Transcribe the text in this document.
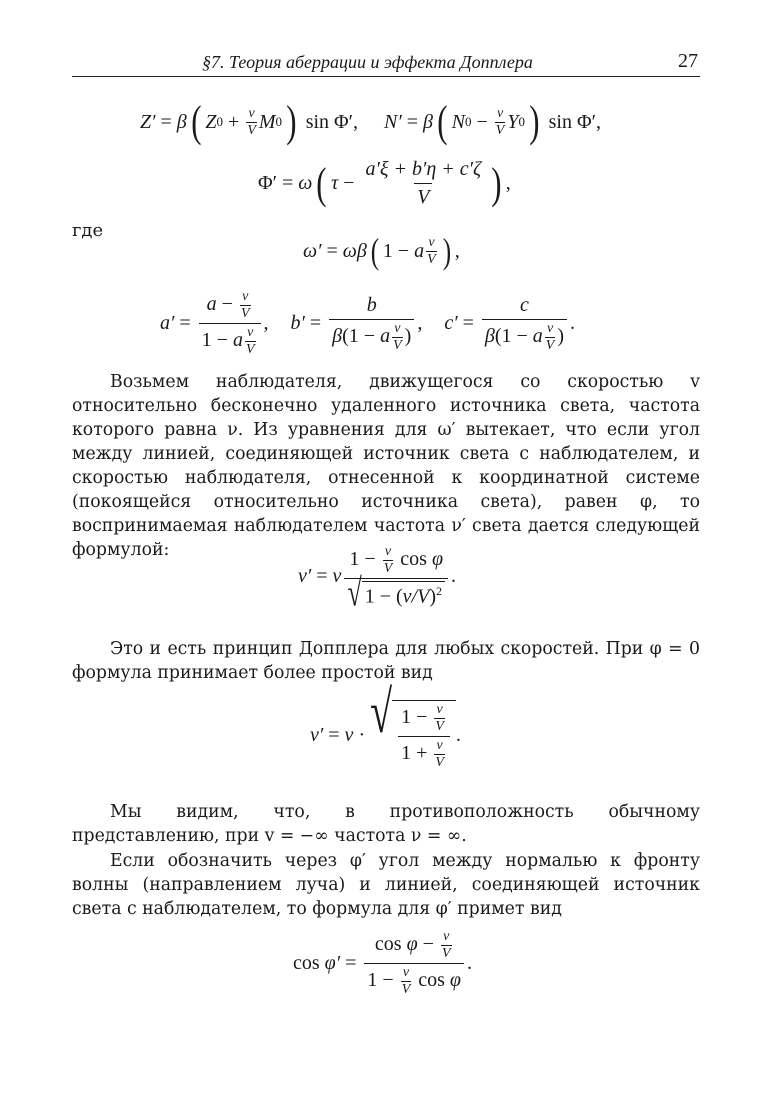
§7. Теория аберрации и эффекта Допплера	27
Z′ = β ( Z $0 + \frac{v}{V}$ M 0 ) sin Φ′, N′ = β ( N $0 - \frac{v}{V}$ Y 0 ) sin Φ′,
Φ′ = ω ( $\tau - \frac{a'\xi + b'\eta + c'\zeta}{V}$ ) ,
где
ω′ = ωβ ( 1 − a $\frac{v}{V}$ ) ,
$a' = \frac{a - \frac{v}{V}}{1 - a \frac{v}{V}}$ , $b' = \frac{b}{\beta(1 - a \frac{v}{V} )}$ , $c' = \frac{c}{\beta(1 - a \frac{v}{V} )}$ .
Возьмем наблюдателя, движущегося со скоростью v относительно бесконечно удаленного источника света, частота которого равна ν. Из уравнения для ω′ вытекает, что если угол между линией, соединяющей источник света с наблюдателем, и скоростью наблюдателя, отнесенной к координатной системе (покоящейся относительно источника света), равен φ, то воспринимаемая наблюдателем частота ν′ света дается следующей формулой:
ν′ = ν $\frac{1 - \frac{v}{V} \cos \varphi}{√ 1 - (v/V)^2}$ .
Это и есть принцип Допплера для любых скоростей. При φ = 0 формула принимает более простой вид
ν′ = ν · √ $\frac{1 - \frac{v}{V}}{1 + \frac{v}{V}}$ .
Мы видим, что, в противоположность обычному представлению, при v = −∞ частота ν = ∞.
Если обозначить через φ′ угол между нормалью к фронту волны (направлением луча) и линией, соединяющей источник света с наблюдателем, то формула для φ′ примет вид
$\cos \varphi' = \frac{\cos \varphi - \frac{v}{V}}{1 - \frac{v}{V} \cos \varphi}$ .
